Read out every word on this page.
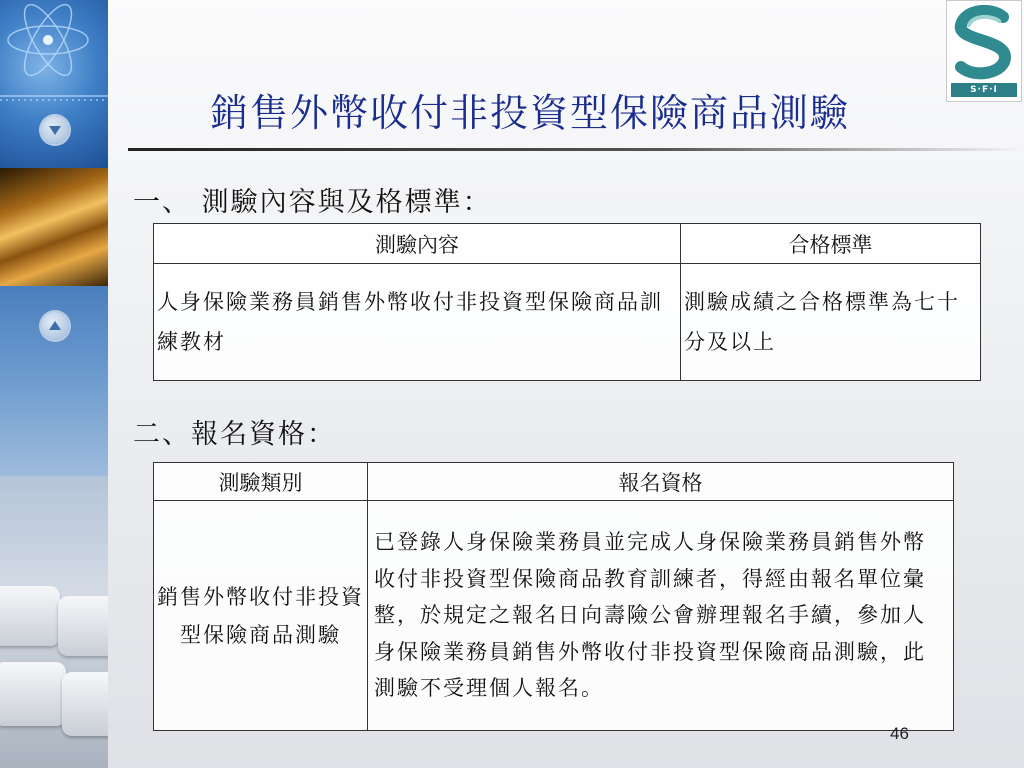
S·F·I
銷售外幣收付非投資型保險商品測驗
一、 測驗內容與及格標準：
測驗內容	合格標準
人身保險業務員銷售外幣收付非投資型保險商品訓練教材	測驗成績之合格標準為七十分及以上
二、報名資格：
測驗類別	報名資格
銷售外幣收付非投資型保險商品測驗	已登錄人身保險業務員並完成人身保險業務員銷售外幣收付非投資型保險商品教育訓練者，得經由報名單位彙整，於規定之報名日向壽險公會辦理報名手續，參加人身保險業務員銷售外幣收付非投資型保險商品測驗，此測驗不受理個人報名。
46
